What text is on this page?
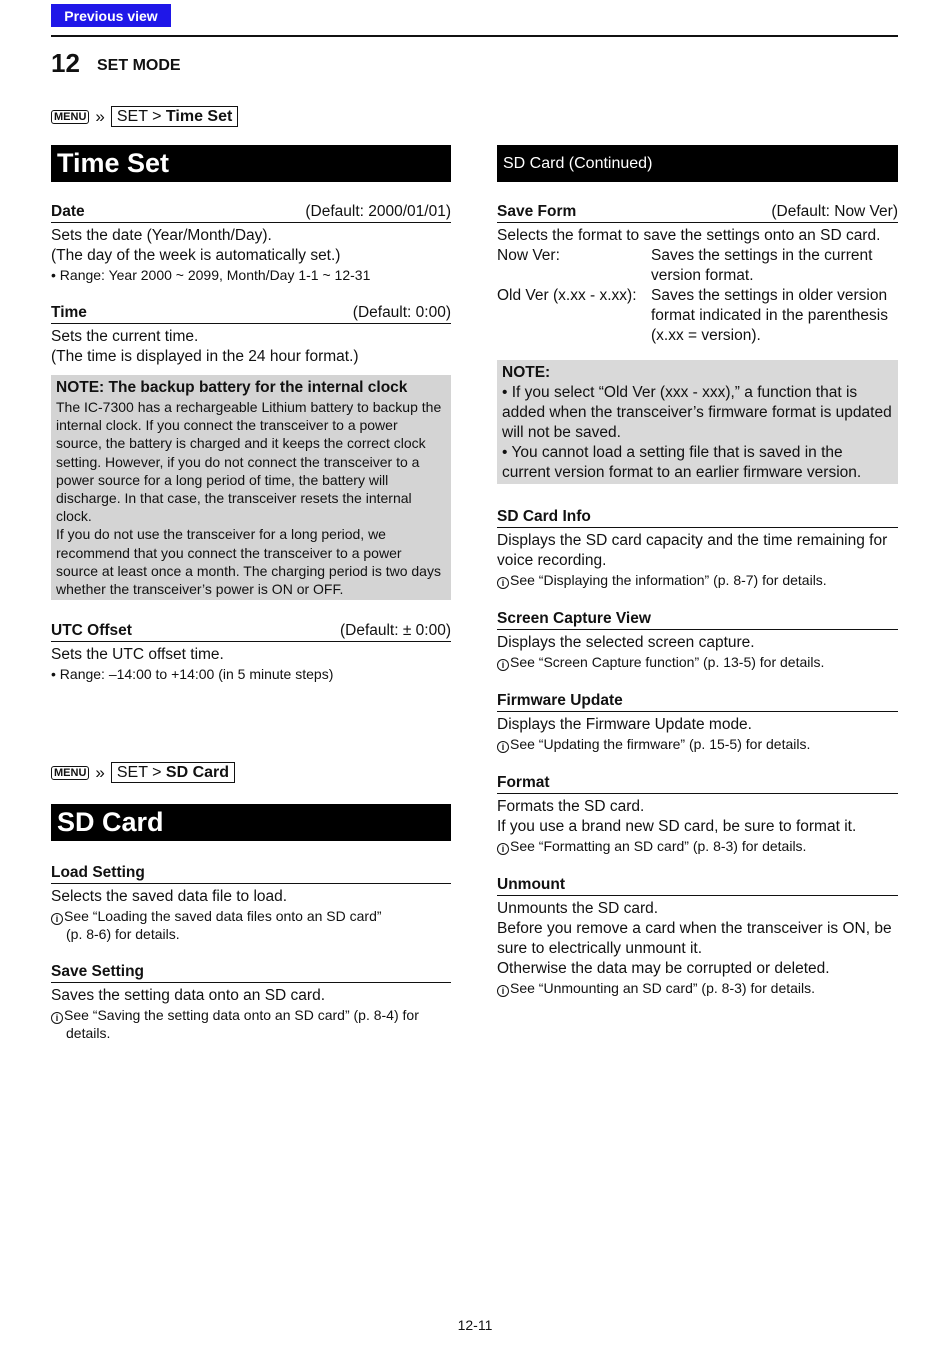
Previous view
12 SET MODE
MENU » SET > Time Set
Time Set
Date	(Default: 2000/01/01)
Sets the date (Year/Month/Day).
(The day of the week is automatically set.)
• Range: Year 2000 ~ 2099, Month/Day 1-1 ~ 12-31
Time	(Default: 0:00)
Sets the current time.
(The time is displayed in the 24 hour format.)
NOTE: The backup battery for the internal clock
The IC-7300 has a rechargeable Lithium battery to backup the internal clock. If you connect the transceiver to a power source, the battery is charged and it keeps the correct clock setting. However, if you do not connect the transceiver to a power source for a long period of time, the battery will discharge. In that case, the transceiver resets the internal clock.
If you do not use the transceiver for a long period, we recommend that you connect the transceiver to a power source at least once a month. The charging period is two days whether the transceiver’s power is ON or OFF.
UTC Offset	(Default: ± 0:00)
Sets the UTC offset time.
• Range: –14:00 to +14:00 (in 5 minute steps)
MENU » SET > SD Card
SD Card
Load Setting
Selects the saved data file to load.
i See “Loading the saved data files onto an SD card”
(p. 8-6) for details.
Save Setting
Saves the setting data onto an SD card.
i See “Saving the setting data onto an SD card” (p. 8-4) for
details.
SD Card (Continued)
Save Form	(Default: Now Ver)
Selects the format to save the settings onto an SD card.
Now Ver:	Saves the settings in the current version format.
Old Ver (x.xx - x.xx): Saves the settings in older version format indicated in the parenthesis (x.xx = version).
NOTE:
• If you select “Old Ver (xxx - xxx),” a function that is added when the transceiver’s firmware format is updated will not be saved.
• You cannot load a setting file that is saved in the current version format to an earlier firmware version.
SD Card Info
Displays the SD card capacity and the time remaining for voice recording.
i See “Displaying the information” (p. 8-7) for details.
Screen Capture View
Displays the selected screen capture.
i See “Screen Capture function” (p. 13-5) for details.
Firmware Update
Displays the Firmware Update mode.
i See “Updating the firmware” (p. 15-5) for details.
Format
Formats the SD card.
If you use a brand new SD card, be sure to format it.
i See “Formatting an SD card” (p. 8-3) for details.
Unmount
Unmounts the SD card.
Before you remove a card when the transceiver is ON, be sure to electrically unmount it.
Otherwise the data may be corrupted or deleted.
i See “Unmounting an SD card” (p. 8-3) for details.
12-11
